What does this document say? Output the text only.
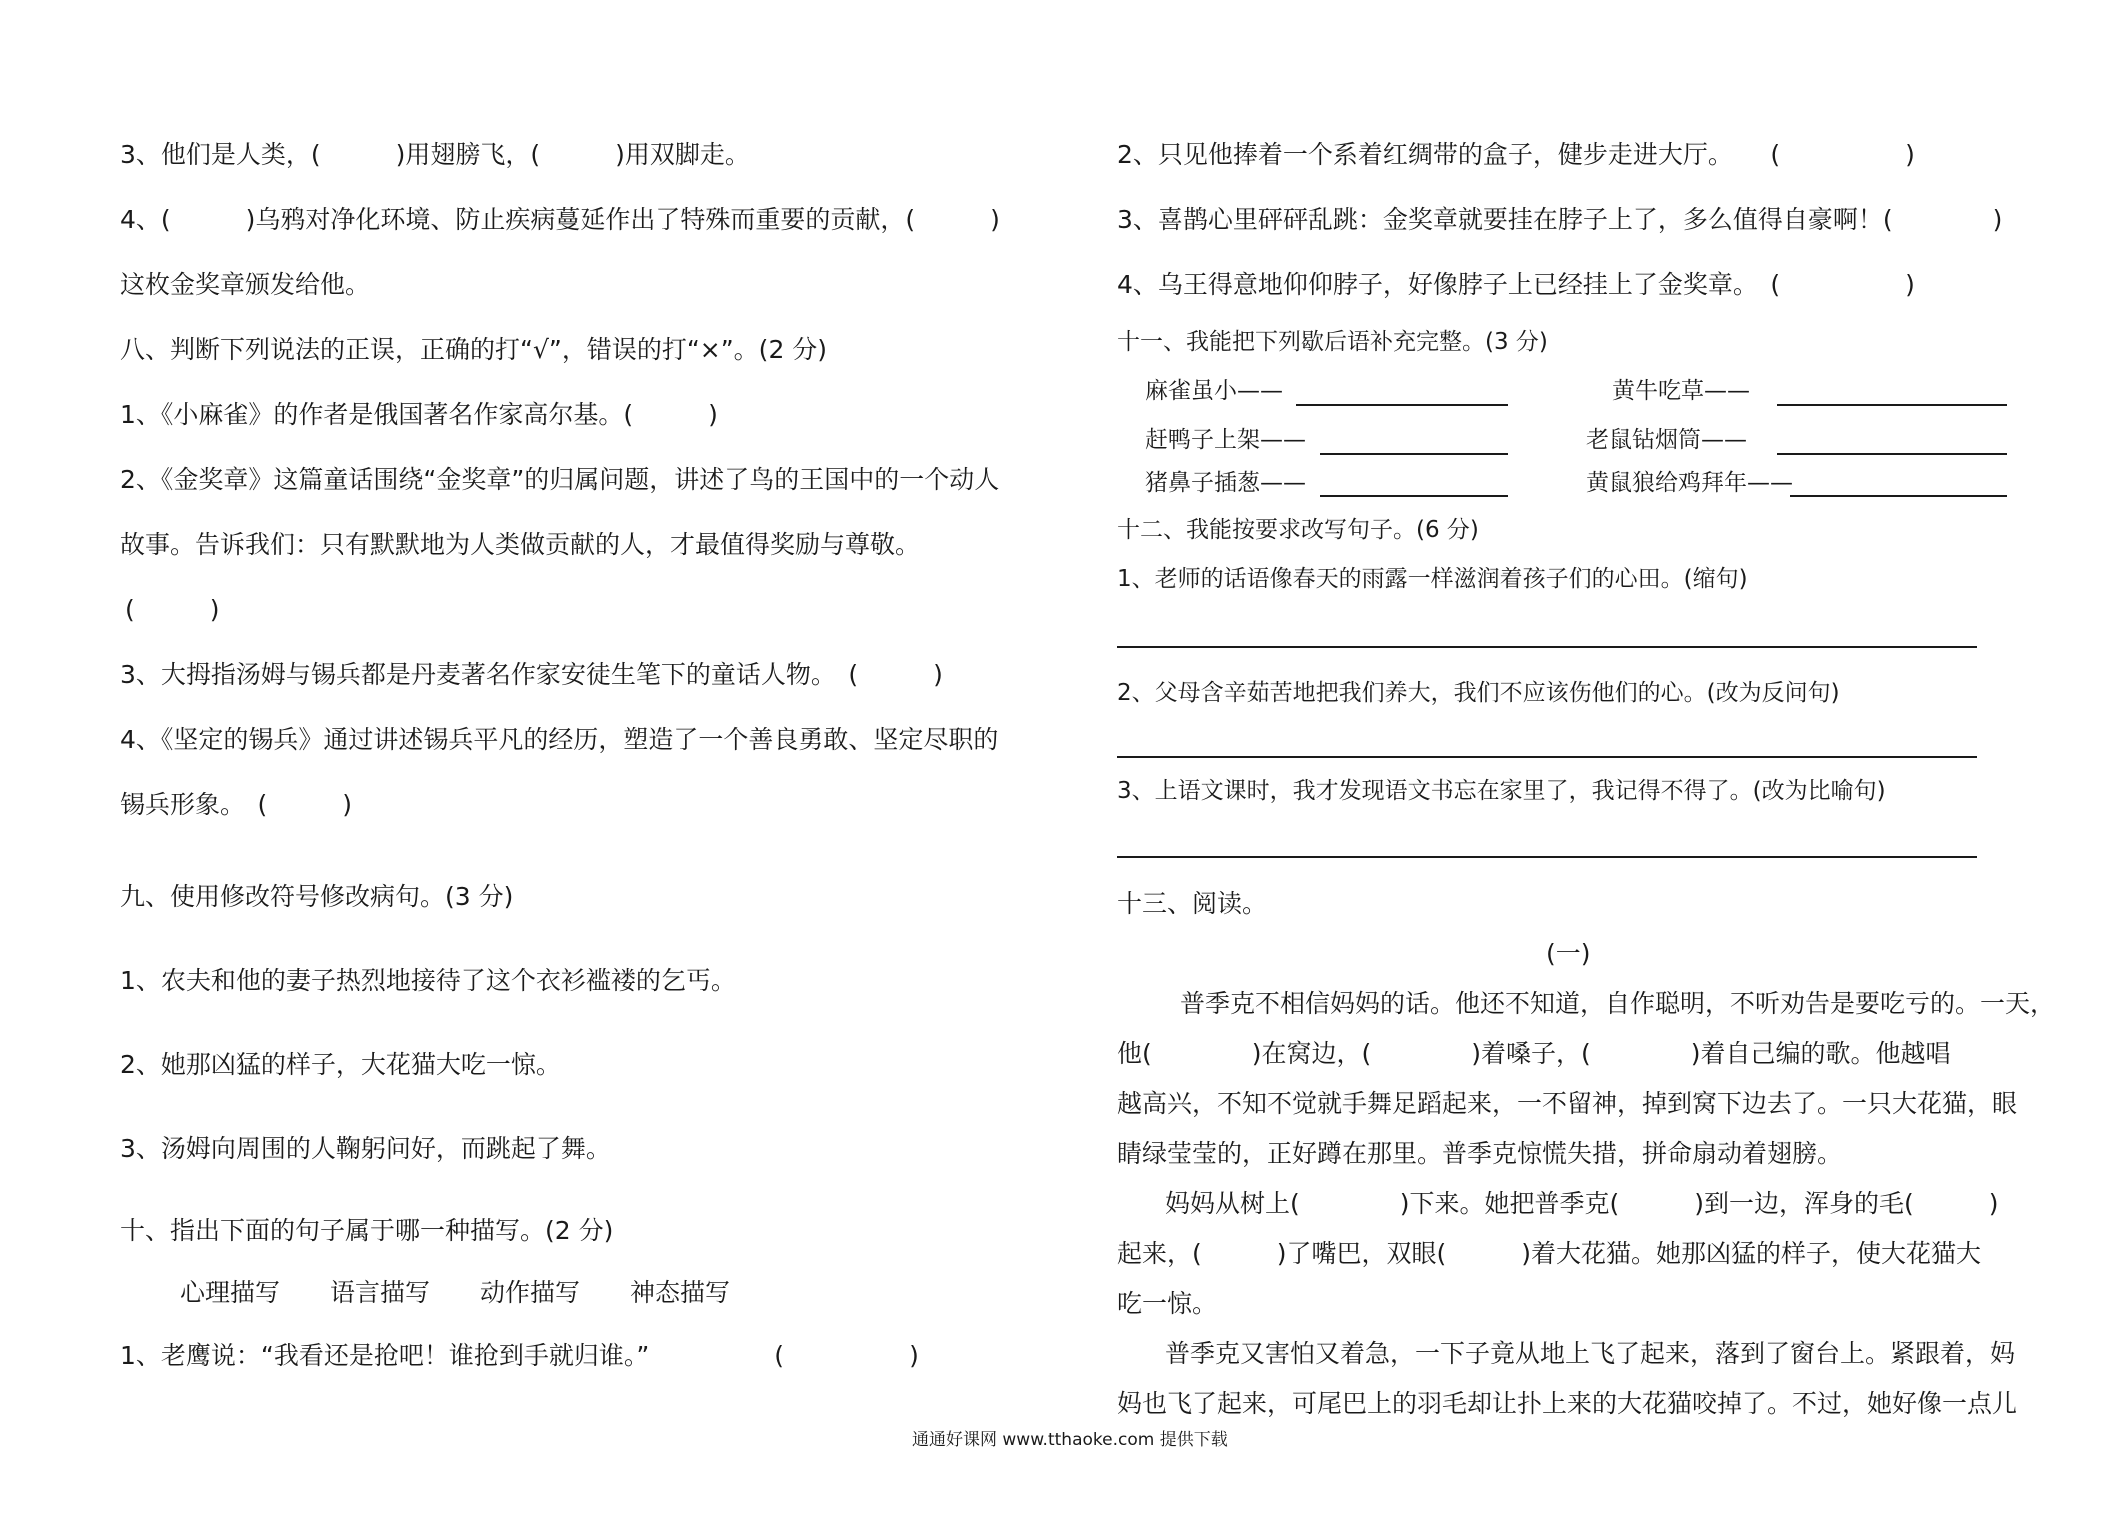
3、他们是人类，(　　　)用翅膀飞，(　　　)用双脚走。
4、(　　　)乌鸦对净化环境、防止疾病蔓延作出了特殊而重要的贡献，(　　　)
这枚金奖章颁发给他。
八、判断下列说法的正误，正确的打“√”，错误的打“×”。(2 分)
1、《小麻雀》的作者是俄国著名作家高尔基。(　　　)
2、《金奖章》这篇童话围绕“金奖章”的归属问题，讲述了鸟的王国中的一个动人
故事。告诉我们：只有默默地为人类做贡献的人，才最值得奖励与尊敬。
(　　　)
3、大拇指汤姆与锡兵都是丹麦著名作家安徒生笔下的童话人物。　(　　　)
4、《坚定的锡兵》通过讲述锡兵平凡的经历，塑造了一个善良勇敢、坚定尽职的
锡兵形象。　(　　　)
九、使用修改符号修改病句。(3 分)
1、农夫和他的妻子热烈地接待了这个衣衫褴褛的乞丐。
2、她那凶猛的样子，大花猫大吃一惊。
3、汤姆向周围的人鞠躬问好，而跳起了舞。
十、指出下面的句子属于哪一种描写。(2 分)
心理描写　　语言描写　　动作描写　　神态描写
1、老鹰说：“我看还是抢吧！谁抢到手就归谁。”　　　　　(　　　　　)
2、只见他捧着一个系着红绸带的盒子，健步走进大厅。　　(　　　　　)
3、喜鹊心里砰砰乱跳：金奖章就要挂在脖子上了，多么值得自豪啊！(　　　　)
4、乌王得意地仰仰脖子，好像脖子上已经挂上了金奖章。　(　　　　　)
十一、我能把下列歇后语补充完整。(3 分)
麻雀虽小——	黄牛吃草——
赶鸭子上架——	老鼠钻烟筒——
猪鼻子插葱——	黄鼠狼给鸡拜年——
十二、我能按要求改写句子。(6 分)
1、老师的话语像春天的雨露一样滋润着孩子们的心田。(缩句)
2、父母含辛茹苦地把我们养大，我们不应该伤他们的心。(改为反问句)
3、上语文课时，我才发现语文书忘在家里了，我记得不得了。(改为比喻句)
十三、阅读。
(一)
普季克不相信妈妈的话。他还不知道，自作聪明，不听劝告是要吃亏的。一天，
他(　　　　)在窝边，(　　　　)着嗓子，(　　　　)着自己编的歌。他越唱
越高兴，不知不觉就手舞足蹈起来，一不留神，掉到窝下边去了。一只大花猫，眼
睛绿莹莹的，正好蹲在那里。普季克惊慌失措，拼命扇动着翅膀。
妈妈从树上(　　　　)下来。她把普季克(　　　)到一边，浑身的毛(　　　)
起来，(　　　)了嘴巴，双眼(　　　)着大花猫。她那凶猛的样子，使大花猫大
吃一惊。
普季克又害怕又着急，一下子竟从地上飞了起来，落到了窗台上。紧跟着，妈
妈也飞了起来，可尾巴上的羽毛却让扑上来的大花猫咬掉了。不过，她好像一点儿
通通好课网 www.tthaoke.com 提供下载
